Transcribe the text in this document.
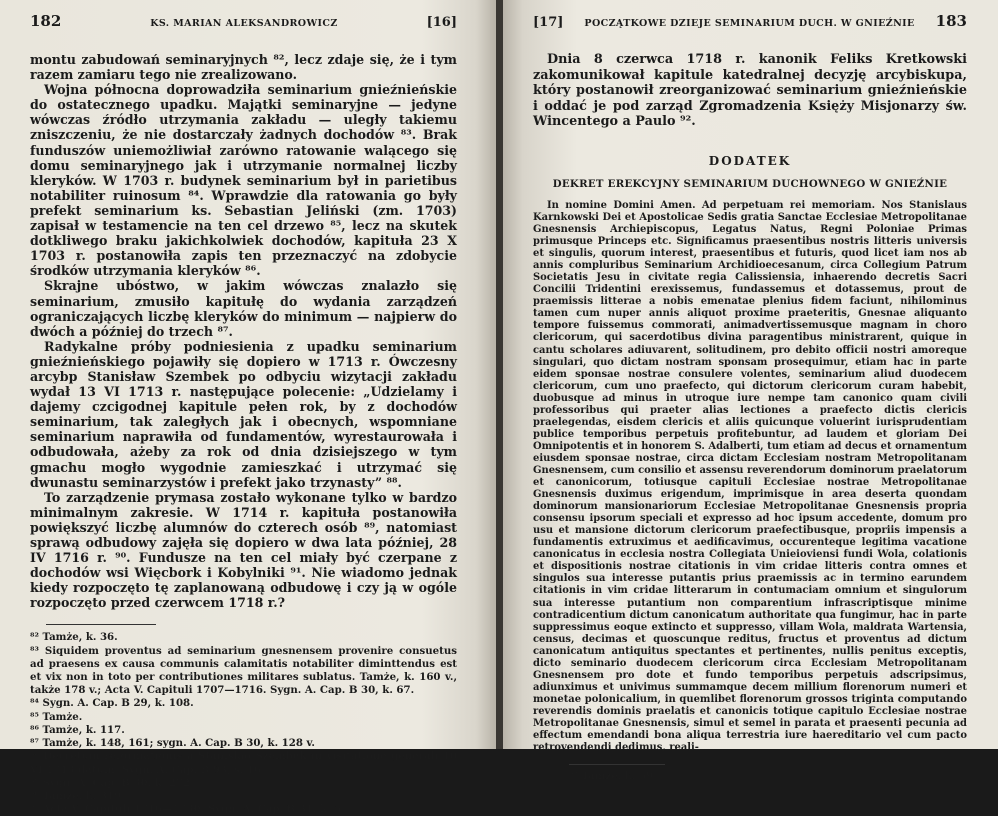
182	KS. MARIAN ALEKSANDROWICZ	[16]

montu zabudowań seminaryjnych ⁸², lecz zdaje się, że i tym razem zamiaru tego nie zrealizowano.

Wojna północna doprowadziła seminarium gnieźnieńskie do ostatecznego upadku. Majątki seminaryjne — jedyne wówczas źródło utrzymania zakładu — uległy takiemu zniszczeniu, że nie dostarczały żadnych dochodów ⁸³. Brak funduszów uniemożliwiał zarówno ratowanie walącego się domu seminaryjnego jak i utrzymanie normalnej liczby kleryków. W 1703 r. budynek seminarium był in parietibus notabiliter ruinosum ⁸⁴. Wprawdzie dla ratowania go były prefekt seminarium ks. Sebastian Jeliński (zm. 1703) zapisał w testamencie na ten cel drzewo ⁸⁵, lecz na skutek dotkliwego braku jakichkolwiek dochodów, kapituła 23 X 1703 r. postanowiła zapis ten przeznaczyć na zdobycie środków utrzymania kleryków ⁸⁶.

Skrajne ubóstwo, w jakim wówczas znalazło się seminarium, zmusiło kapitułę do wydania zarządzeń ograniczających liczbę kleryków do minimum — najpierw do dwóch a później do trzech ⁸⁷.

Radykalne próby podniesienia z upadku seminarium gnieźnieńskiego pojawiły się dopiero w 1713 r. Ówczesny arcybp Stanisław Szembek po odbyciu wizytacji zakładu wydał 13 VI 1713 r. następujące polecenie: „Udzielamy i dajemy czcigodnej kapitule pełen rok, by z dochodów seminarium, tak zaległych jak i obecnych, wspomniane seminarium naprawiła od fundamentów, wyrestaurowała i odbudowała, ażeby za rok od dnia dzisiejszego w tym gmachu mogło wygodnie zamieszkać i utrzymać się dwunastu seminarzystów i prefekt jako trzynasty” ⁸⁸.

To zarządzenie prymasa zostało wykonane tylko w bardzo minimalnym zakresie. W 1714 r. kapituła postanowiła powiększyć liczbę alumnów do czterech osób ⁸⁹, natomiast sprawą odbudowy zajęła się dopiero w dwa lata później, 28 IV 1716 r. ⁹⁰. Fundusze na ten cel miały być czerpane z dochodów wsi Więcbork i Kobylniki ⁹¹. Nie wiadomo jednak kiedy rozpoczęto tę zaplanowaną odbudowę i czy ją w ogóle rozpoczęto przed czerwcem 1718 r.?

⁸² Tamże, k. 36.
⁸³ Siquidem proventus ad seminarium gnesnensem provenire consuetus ad praesens ex causa communis calamitatis notabiliter diminttendus est et vix non in toto per contributiones militares sublatus. Tamże, k. 160 v., także 178 v.; Acta V. Capituli 1707—1716. Sygn. A. Cap. B 30, k. 67.
⁸⁴ Sygn. A. Cap. B 29, k. 108.
⁸⁵ Tamże.
⁸⁶ Tamże, k. 117.
⁸⁷ Tamże, k. 148, 161; sygn. A. Cap. B 30, k. 128 v.
⁸⁸ Decretum reformationis a Stanislao Szembek in visitatione generali 10 VI 1713 datum. Sygn. A. Cap. B 93, s. 16.
⁸⁹ Sygn. A. Cap. B 30, k. 272.
⁹⁰ Tamże, k. 319.
⁹¹ Acta V. Capituli 1716—1730. Sygn. A. Cap. B 31, k. 5.
[17] POCZĄTKOWE DZIEJE SEMINARIUM DUCH. W GNIEŹNIE 183

Dnia 8 czerwca 1718 r. kanonik Feliks Kretkowski zakomunikował kapitule katedralnej decyzję arcybiskupa, który postanowił zreorganizować seminarium gnieźnieńskie i oddać je pod zarząd Zgromadzenia Księży Misjonarzy św. Wincentego a Paulo ⁹².

DODATEK
DEKRET EREKCYJNY SEMINARIUM DUCHOWNEGO W GNIEŹNIE

In nomine Domini Amen. Ad perpetuam rei memoriam. Nos Stanislaus Karnkowski Dei et Apostolicae Sedis gratia Sanctae Ecclesiae Metropolitanae Gnesnensis Archiepiscopus, Legatus Natus, Regni Poloniae Primas primusque Princeps etc. Significamus praesentibus nostris litteris universis et singulis, quorum interest, praesentibus et futuris, quod licet iam nos ab annis compluribus Seminarium Archidioecesanum, circa Collegium Patrum Societatis Jesu in civitate regia Calissiensia, inhaerendo decretis Sacri Concilii Tridentini erexissemus, fundassemus et dotassemus, prout de praemissis litterae a nobis emenatae plenius fidem faciunt, nihilominus tamen cum nuper annis aliquot proxime praeteritis, Gnesnae aliquanto tempore fuissemus commorati, animadvertissemusque magnam in choro clericorum, qui sacerdotibus divina paragentibus ministrarent, quique in cantu scholares adiuvarent, solitudinem, pro debito officii nostri amoreque singulari, quo dictam nostram sponsam prosequimur, etiam hac in parte eidem sponsae nostrae consulere volentes, seminarium aliud duodecem clericorum, cum uno praefecto, qui dictorum clericorum curam habebit, duobusque ad minus in utroque iure nempe tam canonico quam civili professoribus qui praeter alias lectiones a praefecto dictis clericis praelegendas, eisdem clericis et aliis quicunque voluerint iurisprudentiam publice temporibus perpetuis profitebuntur, ad laudem et gloriam Dei Omnipotentis et in honorem S. Adalberti, tum etiam ad decus et ornamentum eiusdem sponsae nostrae, circa dictam Ecclesiam nostram Metropolitanam Gnesnensem, cum consilio et assensu reverendorum dominorum praelatorum et canonicorum, totiusque capituli Ecclesiae nostrae Metropolitanae Gnesnensis duximus erigendum, imprimisque in area deserta quondam dominorum mansionariorum Ecclesiae Metropolitanae Gnesnensis propria consensu ipsorum speciali et expresso ad hoc ipsum accedente, domum pro usu et mansione dictorum clericorum praefectibusque, propriis impensis a fundamentis extruximus et aedificavimus, occurenteque legitima vacatione canonicatus in ecclesia nostra Collegiata Unieioviensi fundi Wola, colationis et dispositionis nostrae citationis in vim cridae litteris contra omnes et singulos sua interesse putantis prius praemissis ac in termino earundem citationis in vim cridae litterarum in contumaciam omnium et singulorum sua interesse putantium non comparentium infrascriptisque minime contradicentium dictum canonicatum authoritate qua fungimur, hac in parte suppressimus eoque extincto et suppresso, villam Wola, maldrata Wartensia, census, decimas et quoscunque reditus, fructus et proventus ad dictum canonicatum antiquitus spectantes et pertinentes, nullis penitus exceptis, dicto seminario duodecem clericorum circa Ecclesiam Metropolitanam Gnesnensem pro dote et fundo temporibus perpetuis adscripsimus, adiunximus et univimus summamque decem millium florenorum numeri et monetae polonicalium, in quemlibet florenorum grossos triginta computando reverendis dominis praelatis et canonicis totique capitulo Ecclesiae nostrae Metropolitanae Gnesnensis, simul et semel in parata et praesenti pecunia ad effectum emendandi bona aliqua terrestria iure haereditario vel cum pacto retrovendendi dedimus, reali-

⁹² Tamże, k. 59.
